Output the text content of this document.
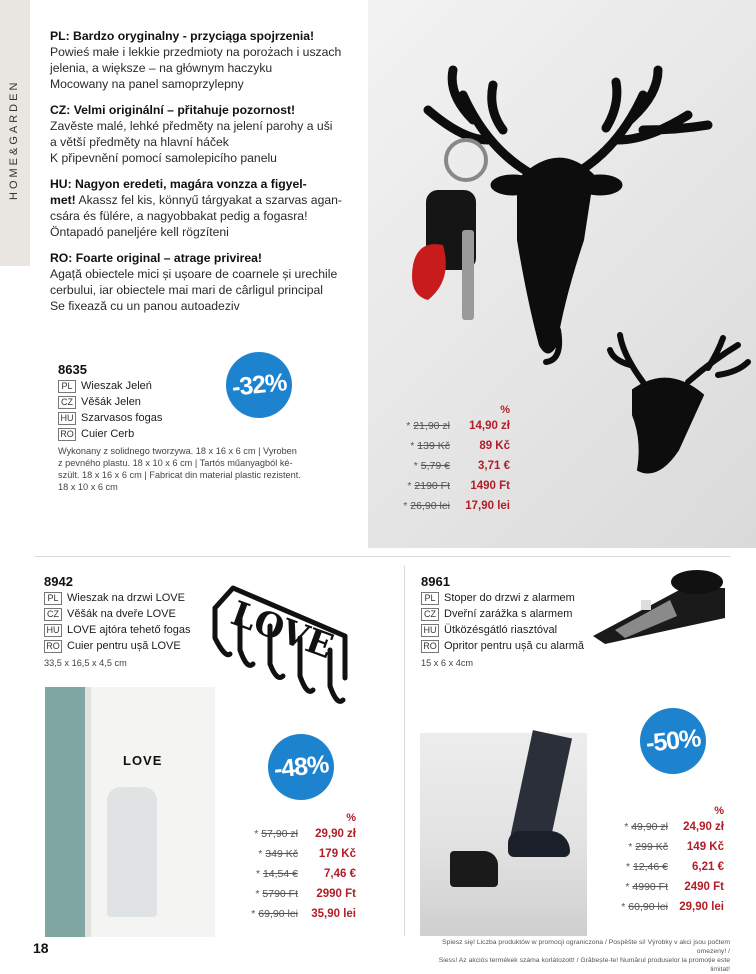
HOME&GARDEN
PL: Bardzo oryginalny - przyciąga spojrzenia!
Powieś małe i lekkie przedmioty na porożach i uszach
jelenia, a większe – na głównym haczyku
Mocowany na panel samoprzylepny
CZ: Velmi originální – přitahuje pozornost!
Zavěste malé, lehké předměty na jelení parohy a uši
a větší předměty na hlavní háček
K připevnění pomocí samolepicího panelu
HU: Nagyon eredeti, magára vonzza a figyel-
met! Akassz fel kis, könnyű tárgyakat a szarvas agan-
csára és fülére, a nagyobbakat pedig a fogasra!
Öntapadó paneljére kell rögzíteni
RO: Foarte original – atrage privirea!
Agață obiectele mici și ușoare de coarnele și urechile
cerbului, iar obiectele mai mari de cârligul principal
Se fixează cu un panou autoadeziv
8635
PL Wieszak Jeleń
CZ Věšák Jelen
HU Szarvasos fogas
RO Cuier Cerb
Wykonany z solidnego tworzywa. 18 x 16 x 6 cm | Vyroben
z pevného plastu. 18 x 10 x 6 cm | Tartós műanyagból ké-
szült. 18 x 16 x 6 cm | Fabricat din material plastic rezistent.
18 x 10 x 6 cm
-32%
%
* 21,90 zł	14,90 zł
* 139 Kč	89 Kč
* 5,79 €	3,71 €
* 2190 Ft	1490 Ft
* 26,90 lei	17,90 lei
8942
PL Wieszak na drzwi LOVE
CZ Věšák na dveře LOVE
HU LOVE ajtóra tehető fogas
RO Cuier pentru ușă LOVE
33,5 x 16,5 x 4,5 cm	LOVE
-48%
LOVE
%
* 57,90 zł	29,90 zł
* 349 Kč	179 Kč
* 14,54 €	7,46 €
* 5790 Ft	2990 Ft
* 69,90 lei	35,90 lei
8961
PL Stoper do drzwi z alarmem
CZ Dveřní zarážka s alarmem
HU Ütközésgátló riasztóval
RO Opritor pentru ușă cu alarmă
15 x 6 x 4cm
-50%
%
* 49,90 zł	24,90 zł
* 299 Kč	149 Kč
* 12,46 €	6,21 €
* 4990 Ft	2490 Ft
* 60,90 lei 29,90 lei
18	Spiesz się! Liczba produktów w promocji ograniczona / Pospěšte si! Výrobky v akci jsou počtem omezeny! /
Siess! Az akciós termékek száma korlátozott! / Grăbește-te! Numărul produselor la promoție este limitat!
